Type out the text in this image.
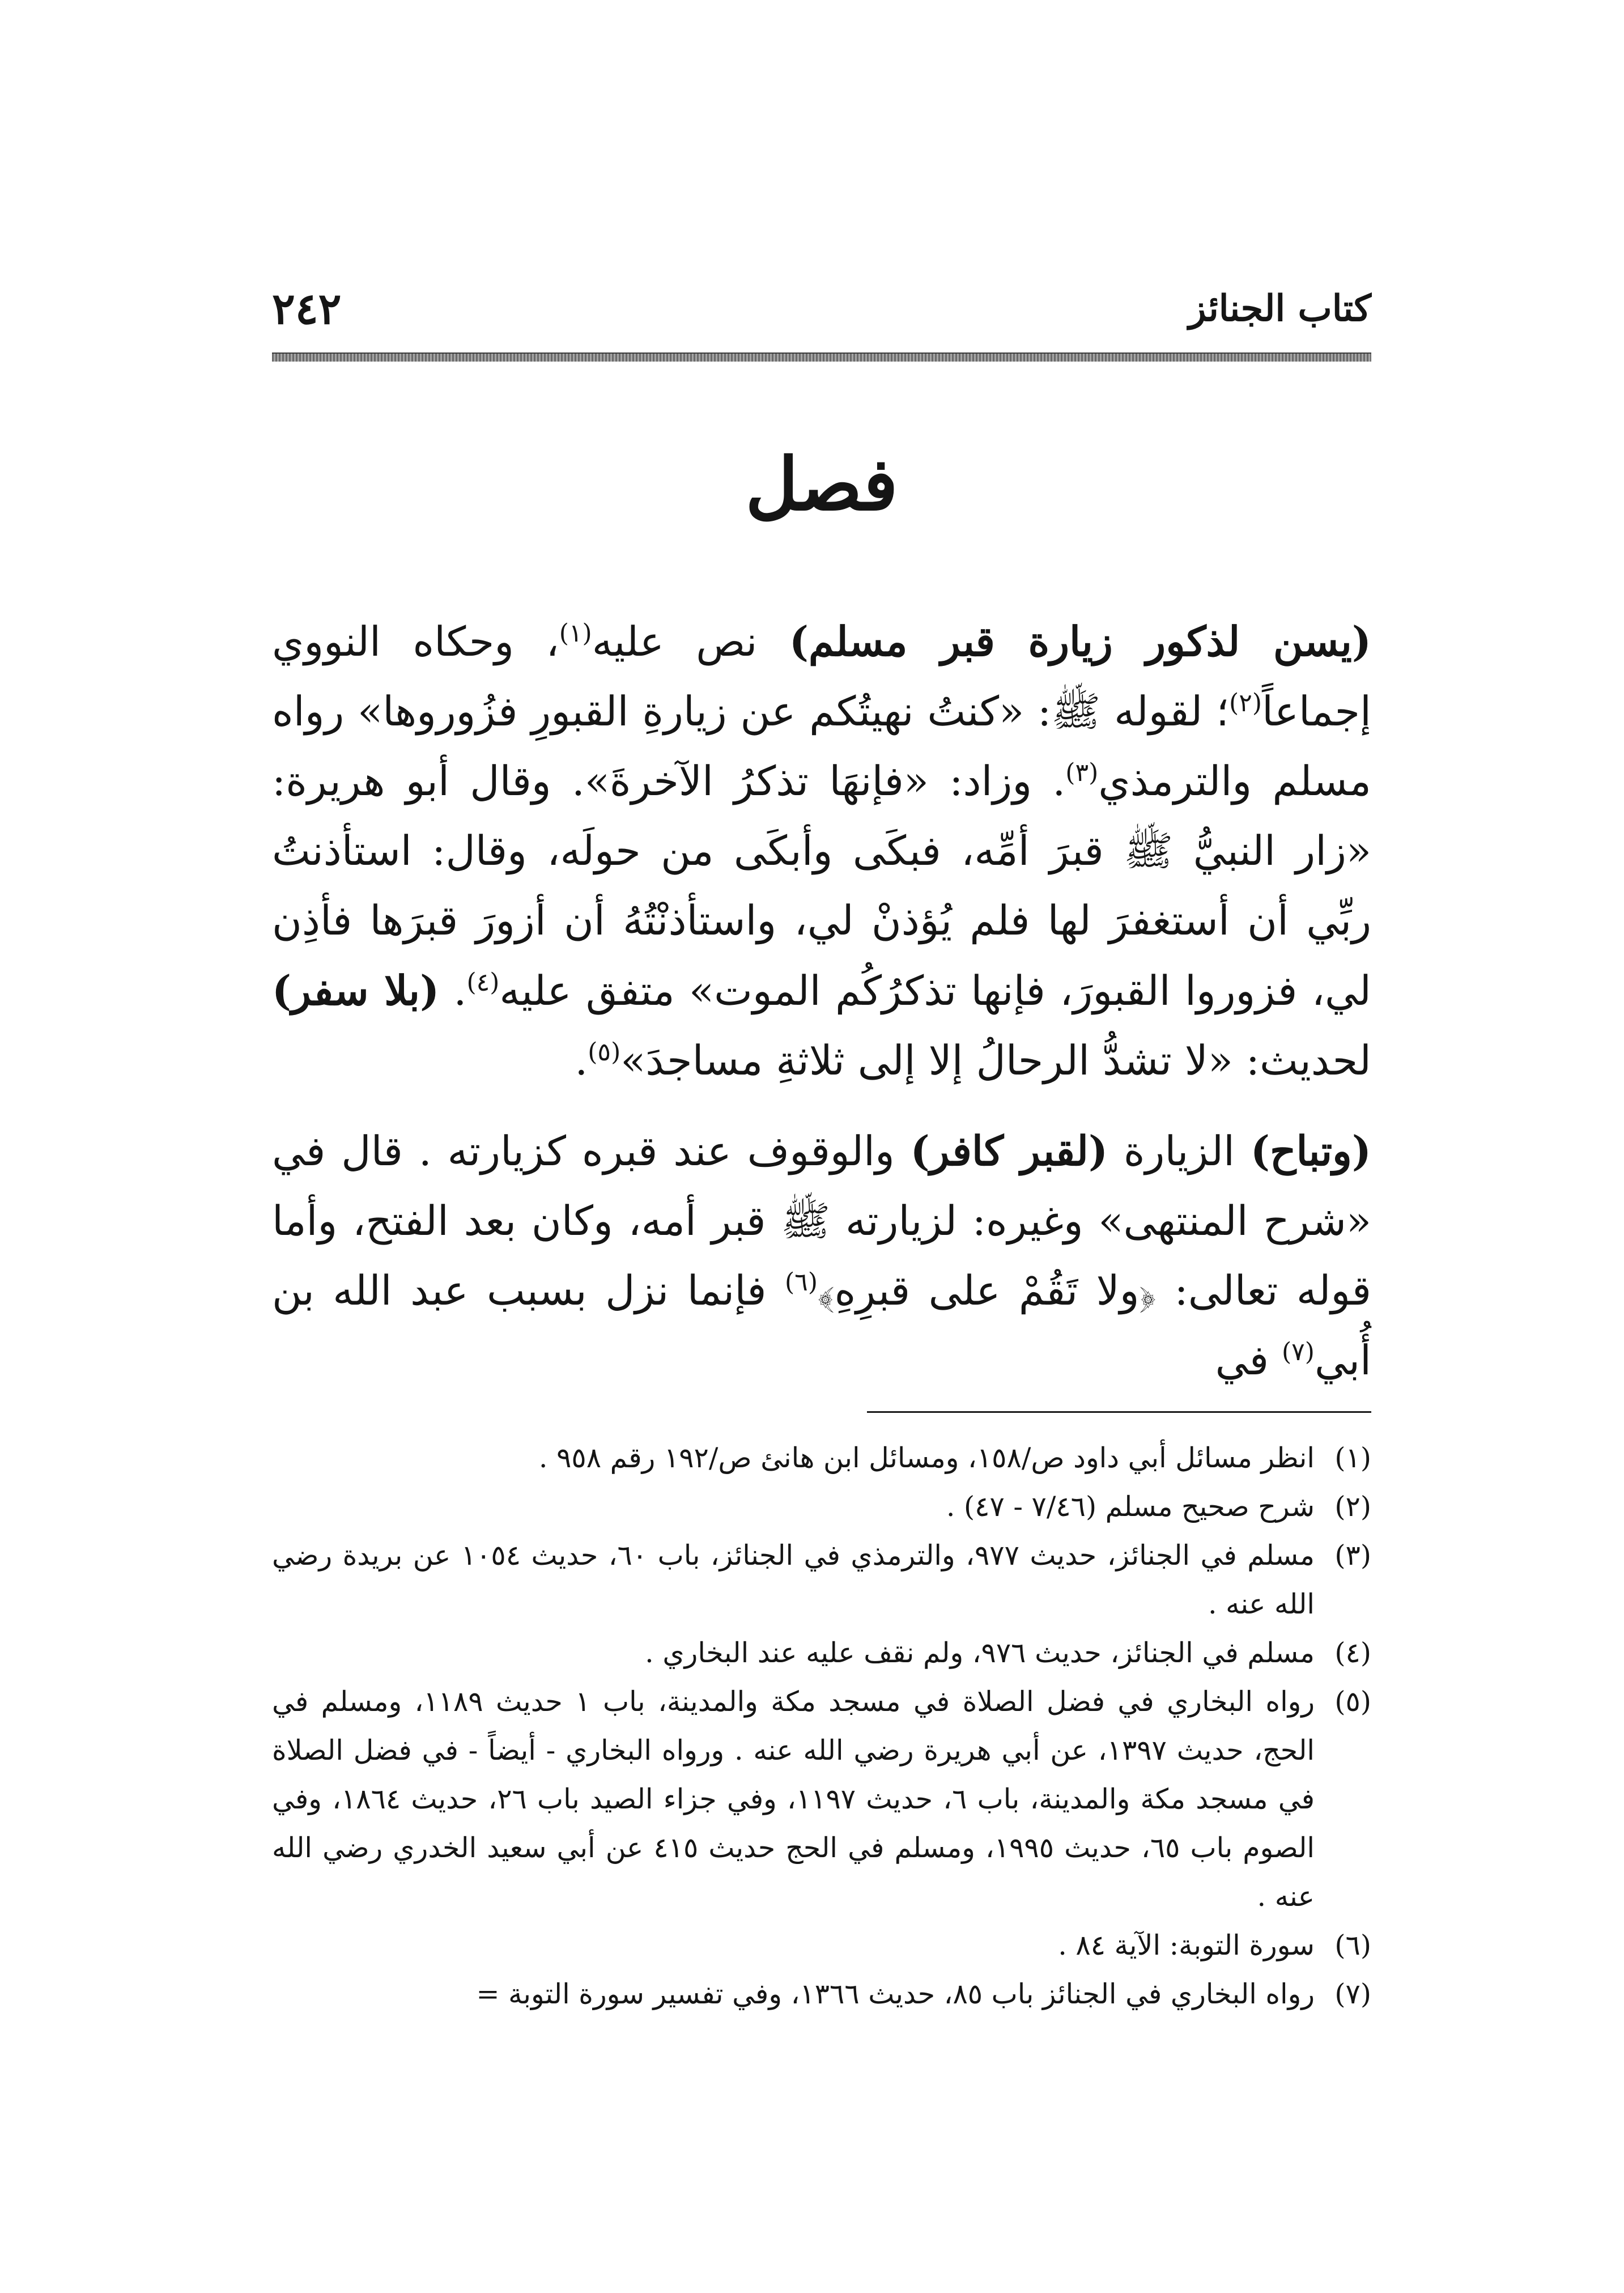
كتاب الجنائز
٢٤٢
فصل

(يسن لذكور زيارة قبر مسلم) نص عليه$^{(١)}$، وحكاه النووي إجماعاً$^{(٢)}$؛ لقوله ﷺ: «كنتُ نهيتُكم عن زيارةِ القبورِ فزُوروها» رواه مسلم والترمذي$^{(٣)}$. وزاد: «فإنهَا تذكرُ الآخرةَ». وقال أبو هريرة: «زار النبيُّ ﷺ قبرَ أمِّه، فبكَى وأبكَى من حولَه، وقال: استأذنتُ ربِّي أن أستغفرَ لها فلم يُؤذنْ لي، واستأذنْتُهُ أن أزورَ قبرَها فأذِن لي، فزوروا القبورَ، فإنها تذكرُكُم الموت» متفق عليه$^{(٤)}$. (بلا سفر) لحديث: «لا تشدُّ الرحالُ إلا إلى ثلاثةِ مساجدَ»$^{(٥)}$.

(وتباح) الزيارة (لقبر كافر) والوقوف عند قبره كزيارته . قال في «شرح المنتهى» وغيره: لزيارته ﷺ قبر أمه، وكان بعد الفتح، وأما قوله تعالى: ﴿ولا تَقُمْ على قبرِهِ﴾$^{(٦)}$ فإنما نزل بسبب عبد الله بن أُبي$^{(٧)}$ في

(١)
انظر مسائل أبي داود ص/١٥٨، ومسائل ابن هانئ ص/١٩٢ رقم ٩٥٨ .
(٢)
شرح صحيح مسلم (٧/٤٦ - ٤٧) .
(٣)
مسلم في الجنائز، حديث ٩٧٧، والترمذي في الجنائز، باب ٦٠، حديث ١٠٥٤ عن بريدة رضي الله عنه .
(٤)
مسلم في الجنائز، حديث ٩٧٦، ولم نقف عليه عند البخاري .
(٥)
رواه البخاري في فضل الصلاة في مسجد مكة والمدينة، باب ١ حديث ١١٨٩، ومسلم في الحج، حديث ١٣٩٧، عن أبي هريرة رضي الله عنه . ورواه البخاري - أيضاً - في فضل الصلاة في مسجد مكة والمدينة، باب ٦، حديث ١١٩٧، وفي جزاء الصيد باب ٢٦، حديث ١٨٦٤، وفي الصوم باب ٦٥، حديث ١٩٩٥، ومسلم في الحج حديث ٤١٥ عن أبي سعيد الخدري رضي الله عنه .
(٦)
سورة التوبة: الآية ٨٤ .
(٧)
رواه البخاري في الجنائز باب ٨٥، حديث ١٣٦٦، وفي تفسير سورة التوبة =
